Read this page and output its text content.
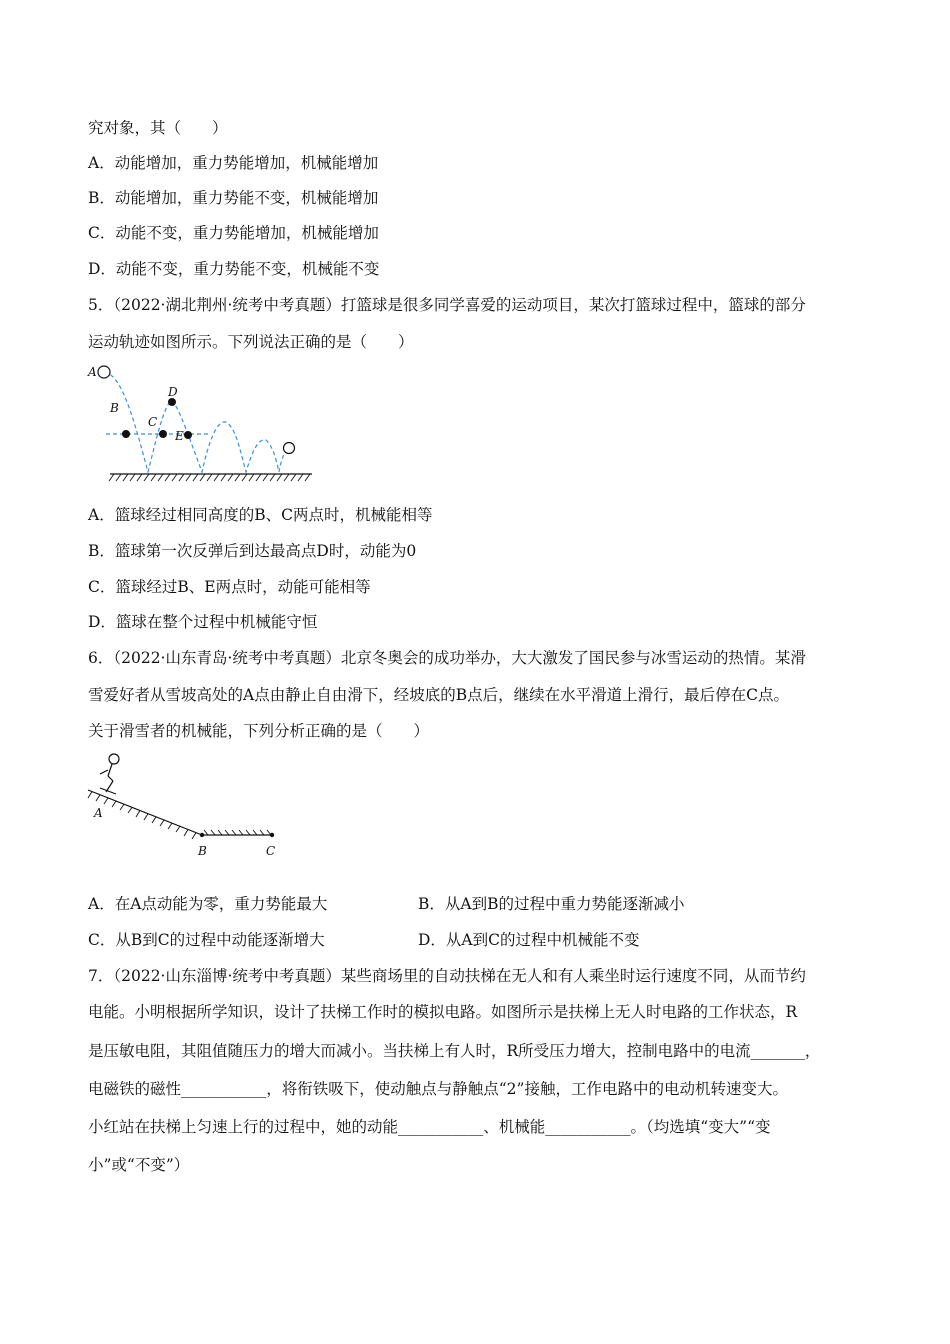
究对象，其（　　）
A．动能增加，重力势能增加，机械能增加
B．动能增加，重力势能不变，机械能增加
C．动能不变，重力势能增加，机械能增加
D．动能不变，重力势能不变，机械能不变
5．（2022·湖北荆州·统考中考真题）打篮球是很多同学喜爱的运动项目，某次打篮球过程中，篮球的部分
运动轨迹如图所示。下列说法正确的是（　　）
A
B
C
D
E
A．篮球经过相同高度的B、C两点时，机械能相等
B．篮球第一次反弹后到达最高点D时，动能为0
C．篮球经过B、E两点时，动能可能相等
D．篮球在整个过程中机械能守恒
6．（2022·山东青岛·统考中考真题）北京冬奥会的成功举办，大大激发了国民参与冰雪运动的热情。某滑
雪爱好者从雪坡高处的A点由静止自由滑下，经坡底的B点后，继续在水平滑道上滑行，最后停在C点。
关于滑雪者的机械能，下列分析正确的是（　　）
A
B	C
A．在A点动能为零，重力势能最大	B．从A到B的过程中重力势能逐渐减小
C．从B到C的过程中动能逐渐增大	D．从A到C的过程中机械能不变
7．（2022·山东淄博·统考中考真题）某些商场里的自动扶梯在无人和有人乘坐时运行速度不同，从而节约
电能。小明根据所学知识，设计了扶梯工作时的模拟电路。如图所示是扶梯上无人时电路的工作状态，R
是压敏电阻，其阻值随压力的增大而减小。当扶梯上有人时，R所受压力增大，控制电路中的电流_______，
电磁铁的磁性___________，将衔铁吸下，使动触点与静触点“2”接触，工作电路中的电动机转速变大。
小红站在扶梯上匀速上行的过程中，她的动能___________、机械能___________。（均选填“变大”“变
小”或“不变”）
